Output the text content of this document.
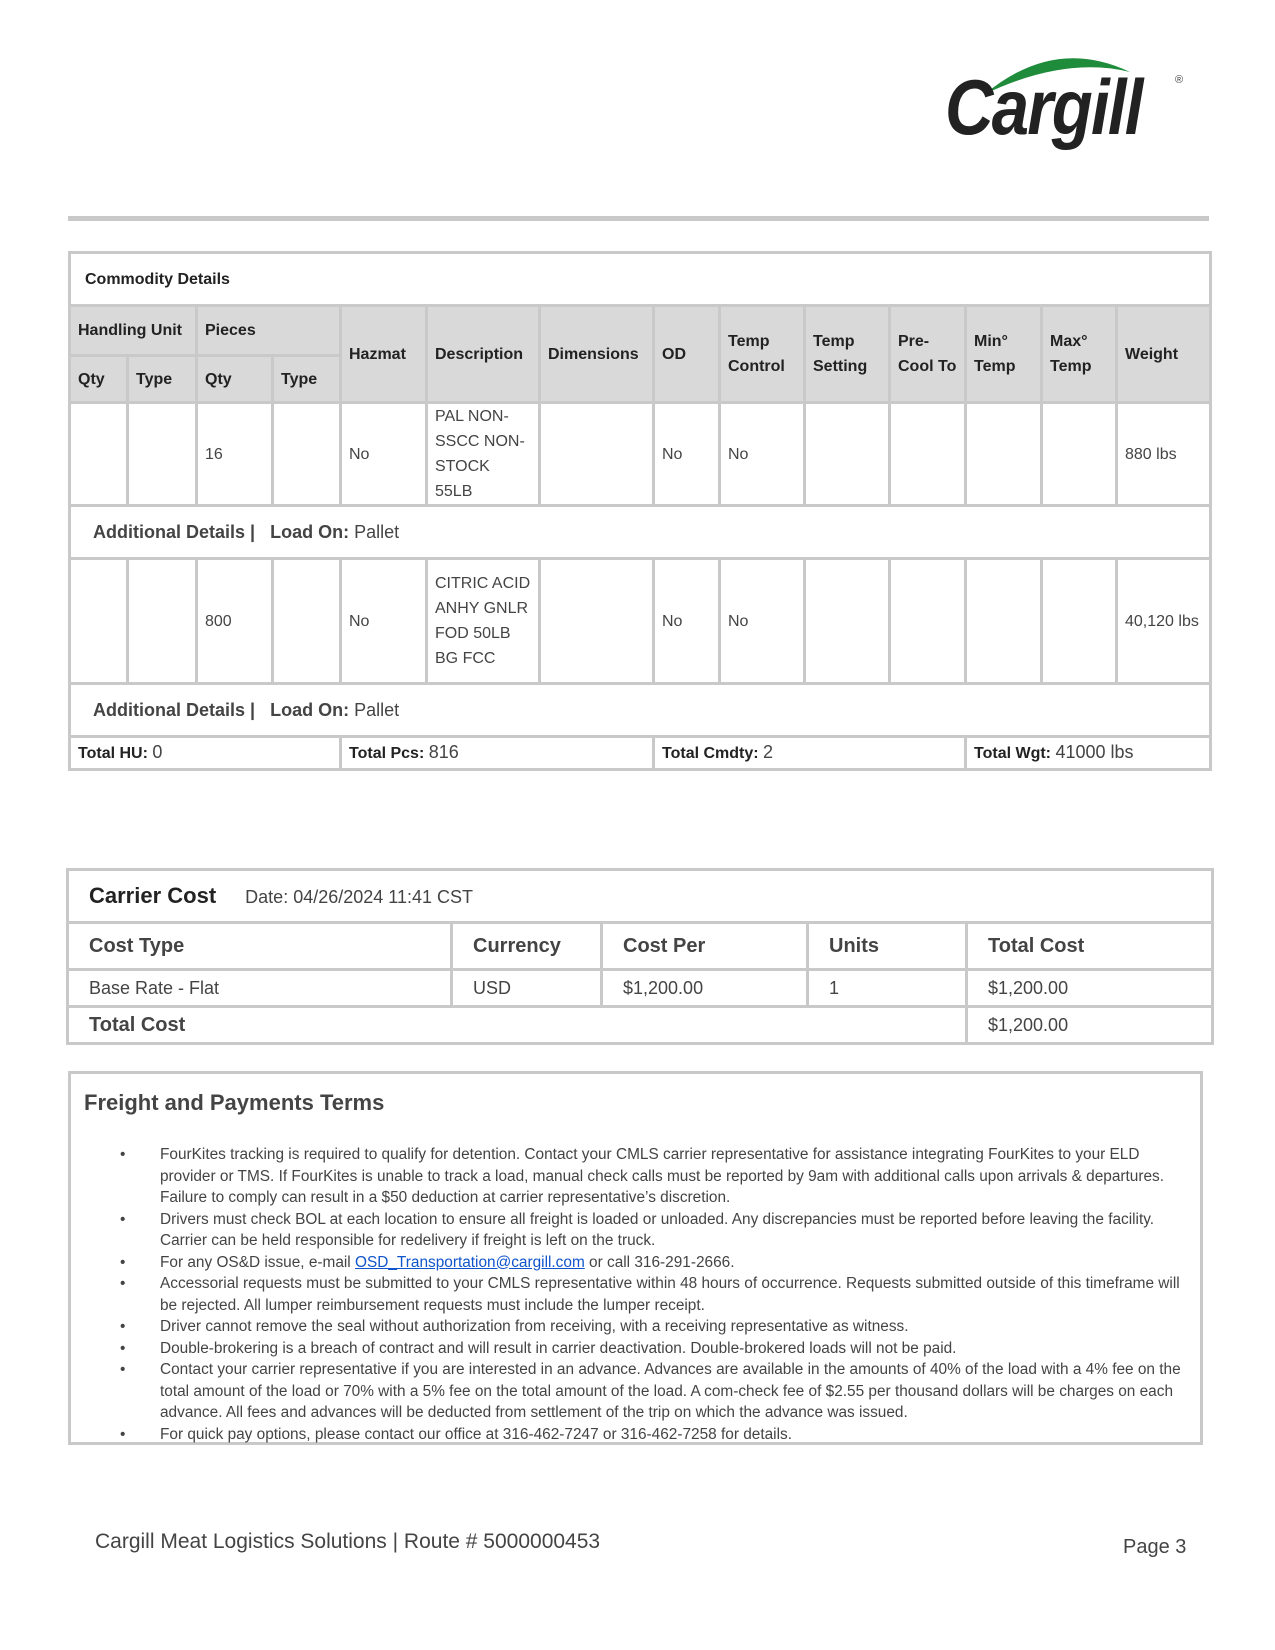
Cargill	®
Commodity Details													
Handling Unit		Pieces		Hazmat	Description	Dimensions	OD	Temp Control	Temp Setting	Pre-Cool To	Min° Temp	Max° Temp	Weight
Qty	Type	Qty	Type										
		16		No	PAL NON-SSCC NON-STOCK 55LB		No	No					880 lbs
Additional Details | Load On: Pallet													
		800		No	CITRIC ACID ANHY GNLR FOD 50LB BG FCC		No	No					40,120 lbs
Additional Details | Load On: Pallet													
Total HU: 0				Total Pcs: 816			Total Cmdty: 2				Total Wgt: 41000 lbs		
Carrier Cost Date: 04/26/2024 11:41 CST				
Cost Type	Currency	Cost Per	Units	Total Cost
Base Rate - Flat	USD	$1,200.00	1	$1,200.00
Total Cost				$1,200.00
Freight and Payments Terms
• FourKites tracking is required to qualify for detention. Contact your CMLS carrier representative for assistance integrating FourKites to your ELD provider or TMS. If FourKites is unable to track a load, manual check calls must be reported by 9am with additional calls upon arrivals & departures. Failure to comply can result in a $50 deduction at carrier representative’s discretion.
• Drivers must check BOL at each location to ensure all freight is loaded or unloaded. Any discrepancies must be reported before leaving the facility. Carrier can be held responsible for redelivery if freight is left on the truck.
• For any OS&D issue, e-mail OSD_Transportation@cargill.com or call 316-291-2666.
• Accessorial requests must be submitted to your CMLS representative within 48 hours of occurrence. Requests submitted outside of this timeframe will be rejected. All lumper reimbursement requests must include the lumper receipt.
• Driver cannot remove the seal without authorization from receiving, with a receiving representative as witness.
• Double-brokering is a breach of contract and will result in carrier deactivation. Double-brokered loads will not be paid.
• Contact your carrier representative if you are interested in an advance. Advances are available in the amounts of 40% of the load with a 4% fee on the total amount of the load or 70% with a 5% fee on the total amount of the load. A com-check fee of $2.55 per thousand dollars will be charges on each advance. All fees and advances will be deducted from settlement of the trip on which the advance was issued.
• For quick pay options, please contact our office at 316-462-7247 or 316-462-7258 for details.
Cargill Meat Logistics Solutions | Route # 5000000453	Page 3
